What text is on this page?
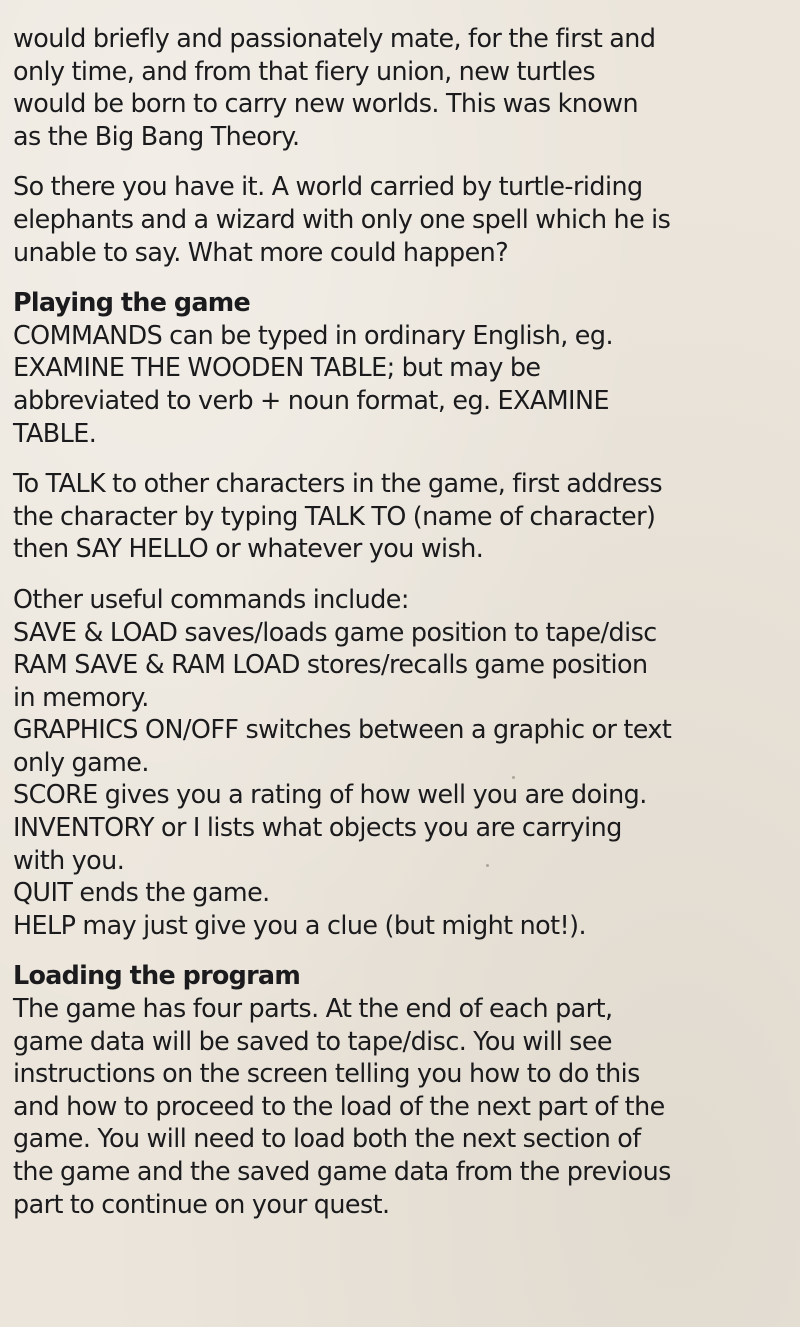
would briefly and passionately mate, for the first and
only time, and from that fiery union, new turtles
would be born to carry new worlds. This was known
as the Big Bang Theory.

So there you have it. A world carried by turtle-riding
elephants and a wizard with only one spell which he is
unable to say. What more could happen?

Playing the game
COMMANDS can be typed in ordinary English, eg.
EXAMINE THE WOODEN TABLE; but may be
abbreviated to verb + noun format, eg. EXAMINE
TABLE.

To TALK to other characters in the game, first address
the character by typing TALK TO (name of character)
then SAY HELLO or whatever you wish.

Other useful commands include:
SAVE & LOAD saves/loads game position to tape/disc
RAM SAVE & RAM LOAD stores/recalls game position
in memory.
GRAPHICS ON/OFF switches between a graphic or text
only game.
SCORE gives you a rating of how well you are doing.
INVENTORY or I lists what objects you are carrying
with you.
QUIT ends the game.
HELP may just give you a clue (but might not!).

Loading the program
The game has four parts. At the end of each part,
game data will be saved to tape/disc. You will see
instructions on the screen telling you how to do this
and how to proceed to the load of the next part of the
game. You will need to load both the next section of
the game and the saved game data from the previous
part to continue on your quest.
